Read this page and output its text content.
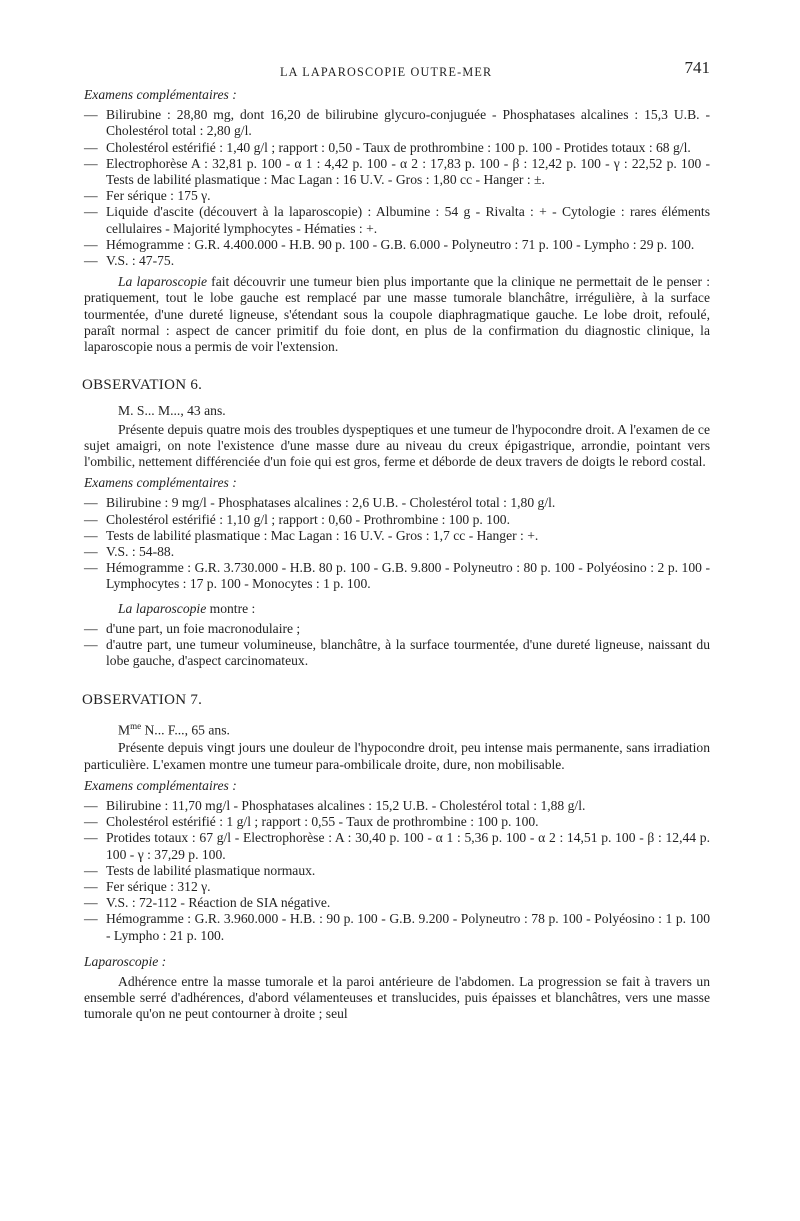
LA LAPAROSCOPIE OUTRE-MER	741
Examens complémentaires :
— Bilirubine : 28,80 mg, dont 16,20 de bilirubine glycuro-conjuguée - Phosphatases alcalines : 15,3 U.B. - Cholestérol total : 2,80 g/l.
— Cholestérol estérifié : 1,40 g/l ; rapport : 0,50 - Taux de prothrombine : 100 p. 100 - Protides totaux : 68 g/l.
— Electrophorèse A : 32,81 p. 100 - α 1 : 4,42 p. 100 - α 2 : 17,83 p. 100 - β : 12,42 p. 100 - γ : 22,52 p. 100 - Tests de labilité plasmatique : Mac Lagan : 16 U.V. - Gros : 1,80 cc - Hanger : ±.
— Fer sérique : 175 γ.
— Liquide d'ascite (découvert à la laparoscopie) : Albumine : 54 g - Rivalta : + - Cytologie : rares éléments cellulaires - Majorité lymphocytes - Hématies : +.
— Hémogramme : G.R. 4.400.000 - H.B. 90 p. 100 - G.B. 6.000 - Polyneutro : 71 p. 100 - Lympho : 29 p. 100.
— V.S. : 47-75.
La laparoscopie fait découvrir une tumeur bien plus importante que la clinique ne permettait de le penser : pratiquement, tout le lobe gauche est remplacé par une masse tumorale blanchâtre, irrégulière, à la surface tourmentée, d'une dureté ligneuse, s'étendant sous la coupole diaphragmatique gauche. Le lobe droit, refoulé, paraît normal : aspect de cancer primitif du foie dont, en plus de la confirmation du diagnostic clinique, la laparoscopie nous a permis de voir l'extension.
OBSERVATION 6.
M. S... M..., 43 ans.
Présente depuis quatre mois des troubles dyspeptiques et une tumeur de l'hypocondre droit. A l'examen de ce sujet amaigri, on note l'existence d'une masse dure au niveau du creux épigastrique, arrondie, pointant vers l'ombilic, nettement différenciée d'un foie qui est gros, ferme et déborde de deux travers de doigts le rebord costal.
Examens complémentaires :
— Bilirubine : 9 mg/l - Phosphatases alcalines : 2,6 U.B. - Cholestérol total : 1,80 g/l.
— Cholestérol estérifié : 1,10 g/l ; rapport : 0,60 - Prothrombine : 100 p. 100.
— Tests de labilité plasmatique : Mac Lagan : 16 U.V. - Gros : 1,7 cc - Hanger : +.
— V.S. : 54-88.
— Hémogramme : G.R. 3.730.000 - H.B. 80 p. 100 - G.B. 9.800 - Polyneutro : 80 p. 100 - Polyéosino : 2 p. 100 - Lymphocytes : 17 p. 100 - Monocytes : 1 p. 100.
La laparoscopie montre :
— d'une part, un foie macronodulaire ;
— d'autre part, une tumeur volumineuse, blanchâtre, à la surface tourmentée, d'une dureté ligneuse, naissant du lobe gauche, d'aspect carcinomateux.
OBSERVATION 7.
$M^{me}$ N... F..., 65 ans.
Présente depuis vingt jours une douleur de l'hypocondre droit, peu intense mais permanente, sans irradiation particulière. L'examen montre une tumeur para-ombilicale droite, dure, non mobilisable.
Examens complémentaires :
— Bilirubine : 11,70 mg/l - Phosphatases alcalines : 15,2 U.B. - Cholestérol total : 1,88 g/l.
— Cholestérol estérifié : 1 g/l ; rapport : 0,55 - Taux de prothrombine : 100 p. 100.
— Protides totaux : 67 g/l - Electrophorèse : A : 30,40 p. 100 - α 1 : 5,36 p. 100 - α 2 : 14,51 p. 100 - β : 12,44 p. 100 - γ : 37,29 p. 100.
— Tests de labilité plasmatique normaux.
— Fer sérique : 312 γ.
— V.S. : 72-112 - Réaction de SIA négative.
— Hémogramme : G.R. 3.960.000 - H.B. : 90 p. 100 - G.B. 9.200 - Polyneutro : 78 p. 100 - Polyéosino : 1 p. 100 - Lympho : 21 p. 100.
Laparoscopie :
Adhérence entre la masse tumorale et la paroi antérieure de l'abdomen. La progression se fait à travers un ensemble serré d'adhérences, d'abord vélamenteuses et translucides, puis épaisses et blanchâtres, vers une masse tumorale qu'on ne peut contourner à droite ; seul
